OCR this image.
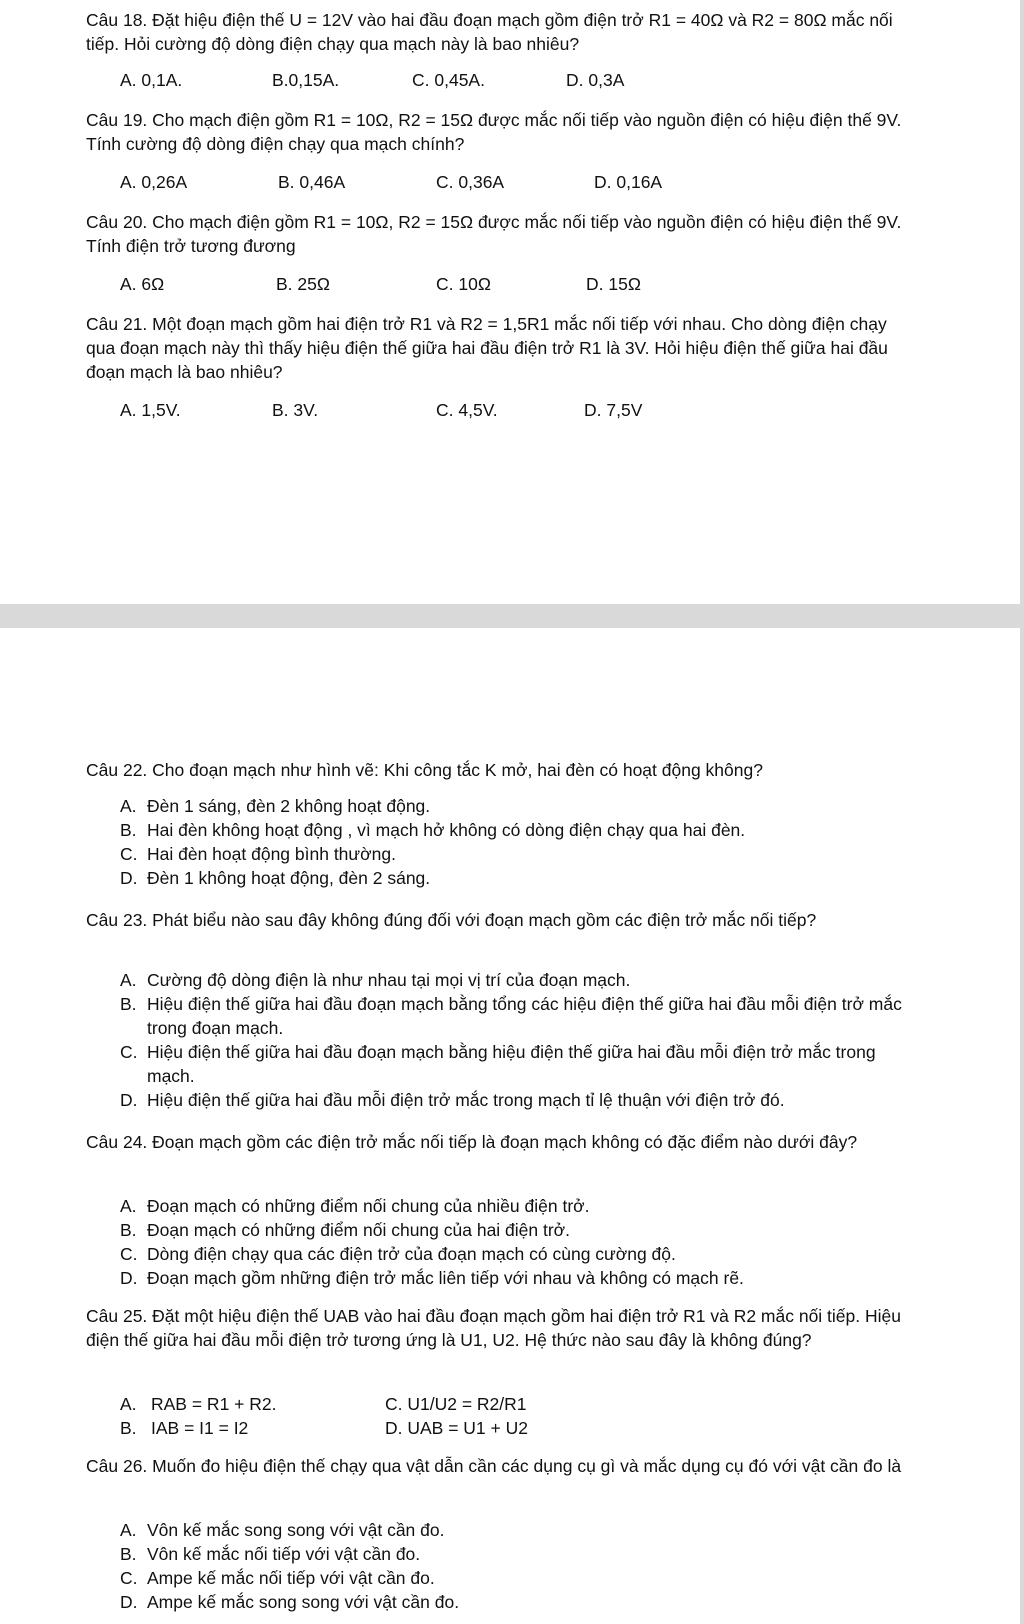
Câu 18. Đặt hiệu điện thế U = 12V vào hai đầu đoạn mạch gồm điện trở R1 = 40Ω và R2 = 80Ω mắc nối tiếp. Hỏi cường độ dòng điện chạy qua mạch này là bao nhiêu?
A. 0,1A.	B.0,15A.	C. 0,45A.	D. 0,3A
Câu 19. Cho mạch điện gồm R1 = 10Ω, R2 = 15Ω được mắc nối tiếp vào nguồn điện có hiệu điện thế 9V. Tính cường độ dòng điện chạy qua mạch chính?
A. 0,26A	B. 0,46A	C. 0,36A	D. 0,16A
Câu 20. Cho mạch điện gồm R1 = 10Ω, R2 = 15Ω được mắc nối tiếp vào nguồn điện có hiệu điện thế 9V. Tính điện trở tương đương
A. 6Ω	B. 25Ω	C. 10Ω	D. 15Ω
Câu 21. Một đoạn mạch gồm hai điện trở R1 và R2 = 1,5R1 mắc nối tiếp với nhau. Cho dòng điện chạy qua đoạn mạch này thì thấy hiệu điện thế giữa hai đầu điện trở R1 là 3V. Hỏi hiệu điện thế giữa hai đầu đoạn mạch là bao nhiêu?
A. 1,5V.	B. 3V.	C. 4,5V.	D. 7,5V
Câu 22. Cho đoạn mạch như hình vẽ: Khi công tắc K mở, hai đèn có hoạt động không?
A. Đèn 1 sáng, đèn 2 không hoạt động.
B. Hai đèn không hoạt động , vì mạch hở không có dòng điện chạy qua hai đèn.
C. Hai đèn hoạt động bình thường.
D. Đèn 1 không hoạt động, đèn 2 sáng.
Câu 23. Phát biểu nào sau đây không đúng đối với đoạn mạch gồm các điện trở mắc nối tiếp?
A. Cường độ dòng điện là như nhau tại mọi vị trí của đoạn mạch.
B. Hiệu điện thế giữa hai đầu đoạn mạch bằng tổng các hiệu điện thế giữa hai đầu mỗi điện trở mắc trong đoạn mạch.
C. Hiệu điện thế giữa hai đầu đoạn mạch bằng hiệu điện thế giữa hai đầu mỗi điện trở mắc trong mạch.
D. Hiệu điện thế giữa hai đầu mỗi điện trở mắc trong mạch tỉ lệ thuận với điện trở đó.
Câu 24. Đoạn mạch gồm các điện trở mắc nối tiếp là đoạn mạch không có đặc điểm nào dưới đây?
A. Đoạn mạch có những điểm nối chung của nhiều điện trở.
B. Đoạn mạch có những điểm nối chung của hai điện trở.
C. Dòng điện chạy qua các điện trở của đoạn mạch có cùng cường độ.
D. Đoạn mạch gồm những điện trở mắc liên tiếp với nhau và không có mạch rẽ.
Câu 25. Đặt một hiệu điện thế UAB vào hai đầu đoạn mạch gồm hai điện trở R1 và R2 mắc nối tiếp. Hiệu điện thế giữa hai đầu mỗi điện trở tương ứng là U1, U2. Hệ thức nào sau đây là không đúng?
A. RAB = R1 + R2.	C. U1/U2 = R2/R1
B. IAB = I1 = I2	D. UAB = U1 + U2
Câu 26. Muốn đo hiệu điện thế chạy qua vật dẫn cần các dụng cụ gì và mắc dụng cụ đó với vật cần đo là
A. Vôn kế mắc song song với vật cần đo.
B. Vôn kế mắc nối tiếp với vật cần đo.
C. Ampe kế mắc nối tiếp với vật cần đo.
D. Ampe kế mắc song song với vật cần đo.
